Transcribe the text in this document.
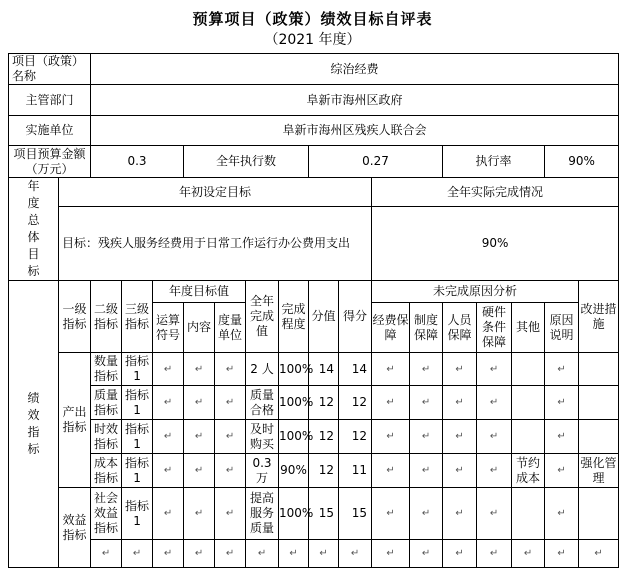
预算项目（政策）绩效目标自评表
（2021 年度）
项目（政策）名称		综治经费															
主管部门		阜新市海州区政府															
实施单位		阜新市海州区残疾人联合会															
项目预算金额（万元）		0.3			全年执行数				0.27				执行率			90%	
年度总体目标	年初设定目标										全年实际完成情况						
	目标：残疾人服务经费用于日常工作运行办公费用支出										90%						
绩效指标	一级指标	二级指标	三级指标	年度目标值			全年完成值	完成程度	分值	得分	未完成原因分析						改进措施
				运算符号	内容	度量单位					经费保障	制度保障	人员保障	硬件条件保障	其他	原因说明	

	产出指标	数量指标	指标1	↵	↵	↵	2 人	100%	14	14	↵	↵	↵	↵		↵	
		质量指标	指标1	↵	↵	↵	质量合格	100%	12	12	↵	↵	↵	↵		↵	
		时效指标	指标1	↵	↵	↵	及时购买	100%	12	12	↵	↵	↵	↵		↵	
		成本指标	指标1	↵	↵	↵	0.3 万	90%	12	11	↵	↵	↵	↵	节约成本	↵	强化管理
	效益指标	社会效益指标	指标1	↵	↵	↵	提高服务质量	100%	15	15	↵	↵	↵	↵		↵	
		↵	↵	↵	↵	↵	↵	↵	↵	↵	↵	↵	↵	↵	↵	↵	↵
